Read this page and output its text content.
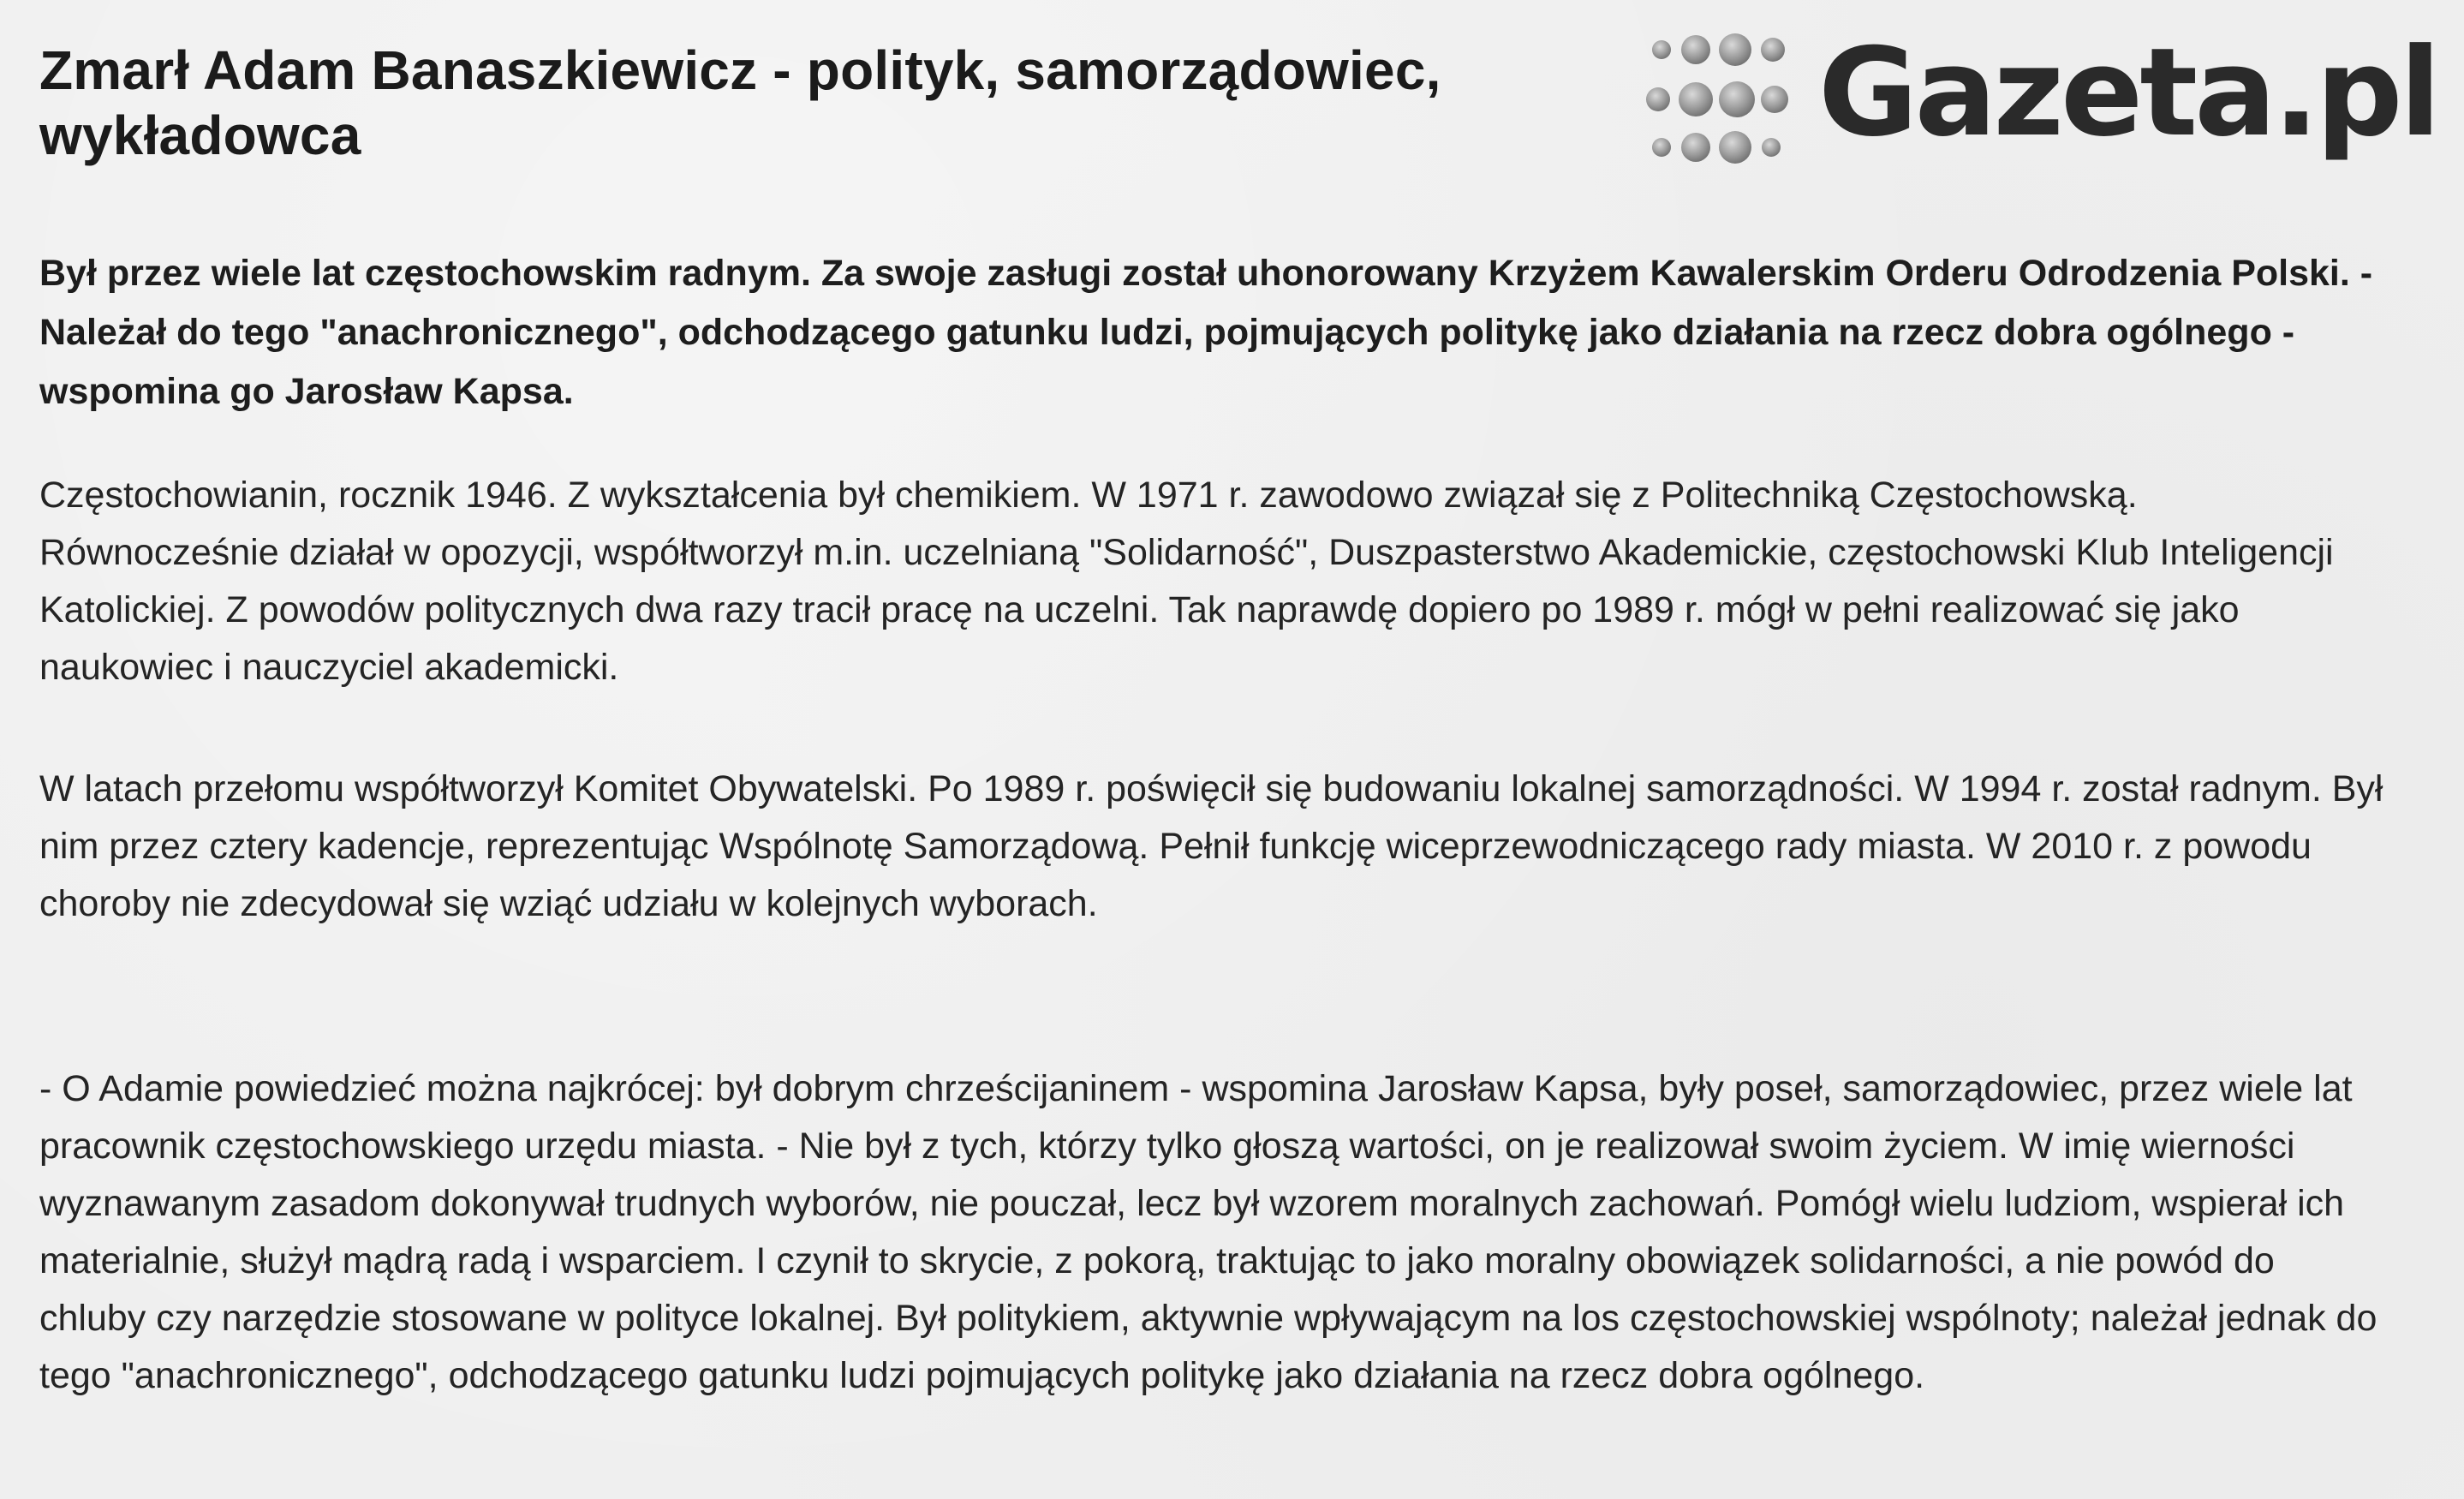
Zmarł Adam Banaszkiewicz - polityk, samorządowiec, wykładowca	Gazeta.pl

Był przez wiele lat częstochowskim radnym. Za swoje zasługi został uhonorowany Krzyżem Kawalerskim Orderu Odrodzenia Polski. - Należał do tego "anachronicznego", odchodzącego gatunku ludzi, pojmujących politykę jako działania na rzecz dobra ogólnego - wspomina go Jarosław Kapsa.

Częstochowianin, rocznik 1946. Z wykształcenia był chemikiem. W 1971 r. zawodowo związał się z Politechniką Częstochowską. Równocześnie działał w opozycji, współtworzył m.in. uczelnianą "Solidarność", Duszpasterstwo Akademickie, częstochowski Klub Inteligencji Katolickiej. Z powodów politycznych dwa razy tracił pracę na uczelni. Tak naprawdę dopiero po 1989 r. mógł w pełni realizować się jako naukowiec i nauczyciel akademicki.

W latach przełomu współtworzył Komitet Obywatelski. Po 1989 r. poświęcił się budowaniu lokalnej samorządności. W 1994 r. został radnym. Był nim przez cztery kadencje, reprezentując Wspólnotę Samorządową. Pełnił funkcję wiceprzewodniczącego rady miasta. W 2010 r. z powodu choroby nie zdecydował się wziąć udziału w kolejnych wyborach.

- O Adamie powiedzieć można najkrócej: był dobrym chrześcijaninem - wspomina Jarosław Kapsa, były poseł, samorządowiec, przez wiele lat pracownik częstochowskiego urzędu miasta. - Nie był z tych, którzy tylko głoszą wartości, on je realizował swoim życiem. W imię wierności wyznawanym zasadom dokonywał trudnych wyborów, nie pouczał, lecz był wzorem moralnych zachowań. Pomógł wielu ludziom, wspierał ich materialnie, służył mądrą radą i wsparciem. I czynił to skrycie, z pokorą, traktując to jako moralny obowiązek solidarności, a nie powód do chluby czy narzędzie stosowane w polityce lokalnej. Był politykiem, aktywnie wpływającym na los częstochowskiej wspólnoty; należał jednak do tego "anachronicznego", odchodzącego gatunku ludzi pojmujących politykę jako działania na rzecz dobra ogólnego.
